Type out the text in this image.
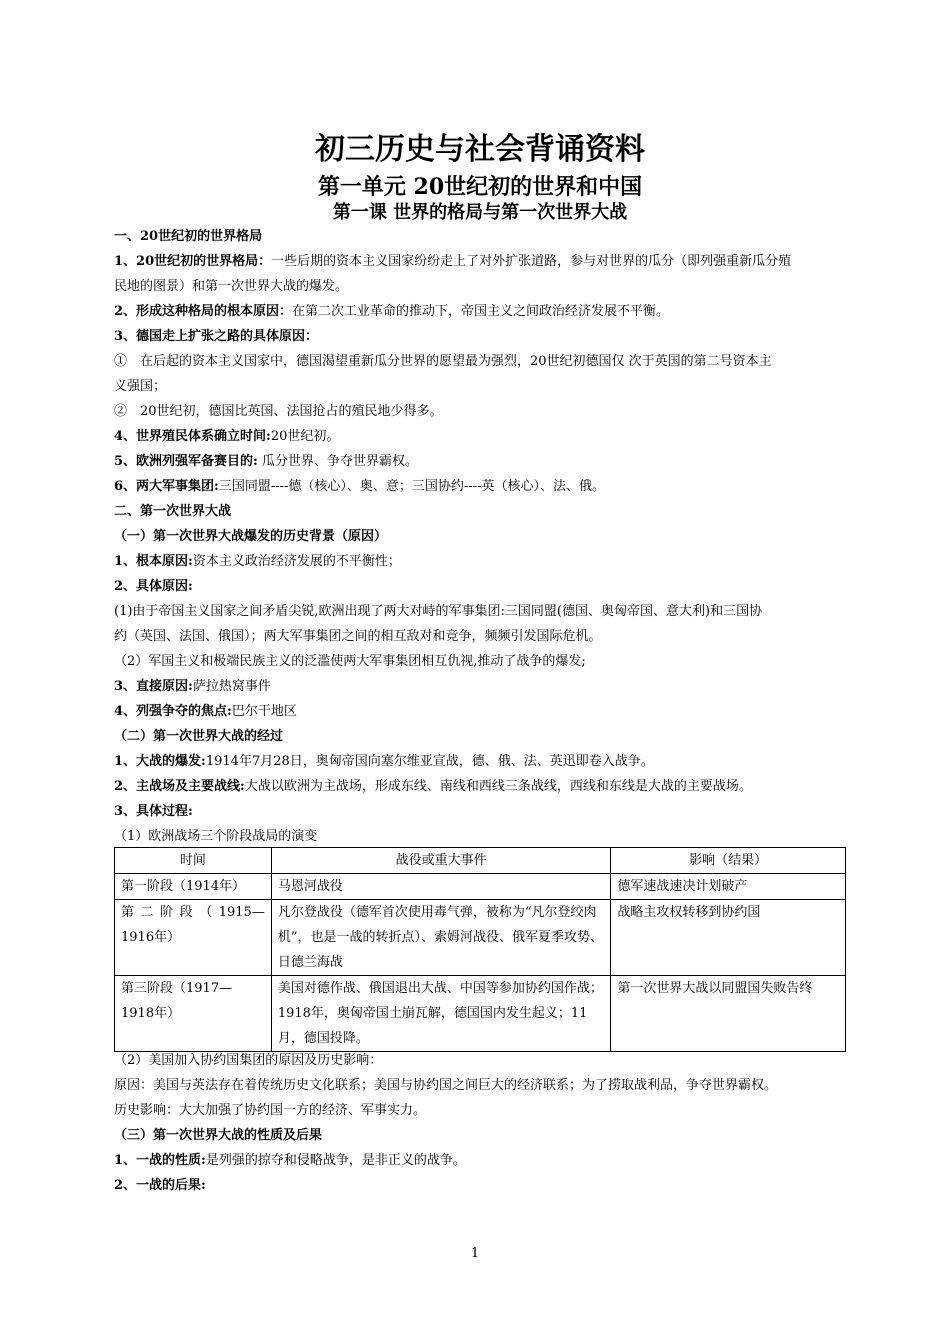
初三历史与社会背诵资料
第一单元 20世纪初的世界和中国
第一课 世界的格局与第一次世界大战
一、20世纪初的世界格局
1、20世纪初的世界格局：一些后期的资本主义国家纷纷走上了对外扩张道路，参与对世界的瓜分（即列强重新瓜分殖
民地的图景）和第一次世界大战的爆发。
2、形成这种格局的根本原因：在第二次工业革命的推动下，帝国主义之间政治经济发展不平衡。
3、德国走上扩张之路的具体原因：
①　在后起的资本主义国家中，德国渴望重新瓜分世界的愿望最为强烈，20世纪初德国仅 次于英国的第二号资本主
义强国；
②　20世纪初，德国比英国、法国抢占的殖民地少得多。
4、世界殖民体系确立时间:20世纪初。
5、欧洲列强军备赛目的: 瓜分世界、争夺世界霸权。
6、两大军事集团:三国同盟----德（核心）、奥、意；三国协约----英（核心）、法、俄。
二、第一次世界大战
（一）第一次世界大战爆发的历史背景（原因）
1、根本原因:资本主义政治经济发展的不平衡性；
2、具体原因:
(1)由于帝国主义国家之间矛盾尖锐,欧洲出现了两大对峙的军事集团:三国同盟(德国、奥匈帝国、意大利)和三国协
约（英国、法国、俄国）；两大军事集团之间的相互敌对和竞争，频频引发国际危机。
（2）军国主义和极端民族主义的泛滥使两大军事集团相互仇视,推动了战争的爆发;
3、直接原因:萨拉热窝事件
4、列强争夺的焦点:巴尔干地区
（二）第一次世界大战的经过
1、大战的爆发:1914年7月28日，奥匈帝国向塞尔维亚宣战，德、俄、法、英迅即卷入战争。
2、主战场及主要战线:大战以欧洲为主战场，形成东线、南线和西线三条战线，西线和东线是大战的主要战场。
3、具体过程:
（1）欧洲战场三个阶段战局的演变
时间	战役或重大事件	影响（结果）
第一阶段（1914年）	马恩河战役	德军速战速决计划破产
第 二 阶 段 （ 1915—1916年）	凡尔登战役（德军首次使用毒气弹，被称为“凡尔登绞肉机”，也是一战的转折点）、索姆河战役、俄军夏季攻势、日德兰海战	战略主攻权转移到协约国
第三阶段（1917—1918年）	美国对德作战、俄国退出大战、中国等参加协约国作战；1918年，奥匈帝国土崩瓦解，德国国内发生起义；11月，德国投降。	第一次世界大战以同盟国失败告终
（2）美国加入协约国集团的原因及历史影响：
原因：美国与英法存在着传统历史文化联系；美国与协约国之间巨大的经济联系；为了捞取战利品，争夺世界霸权。
历史影响：大大加强了协约国一方的经济、军事实力。
（三）第一次世界大战的性质及后果
1、一战的性质:是列强的掠夺和侵略战争，是非正义的战争。
2、一战的后果:
1
